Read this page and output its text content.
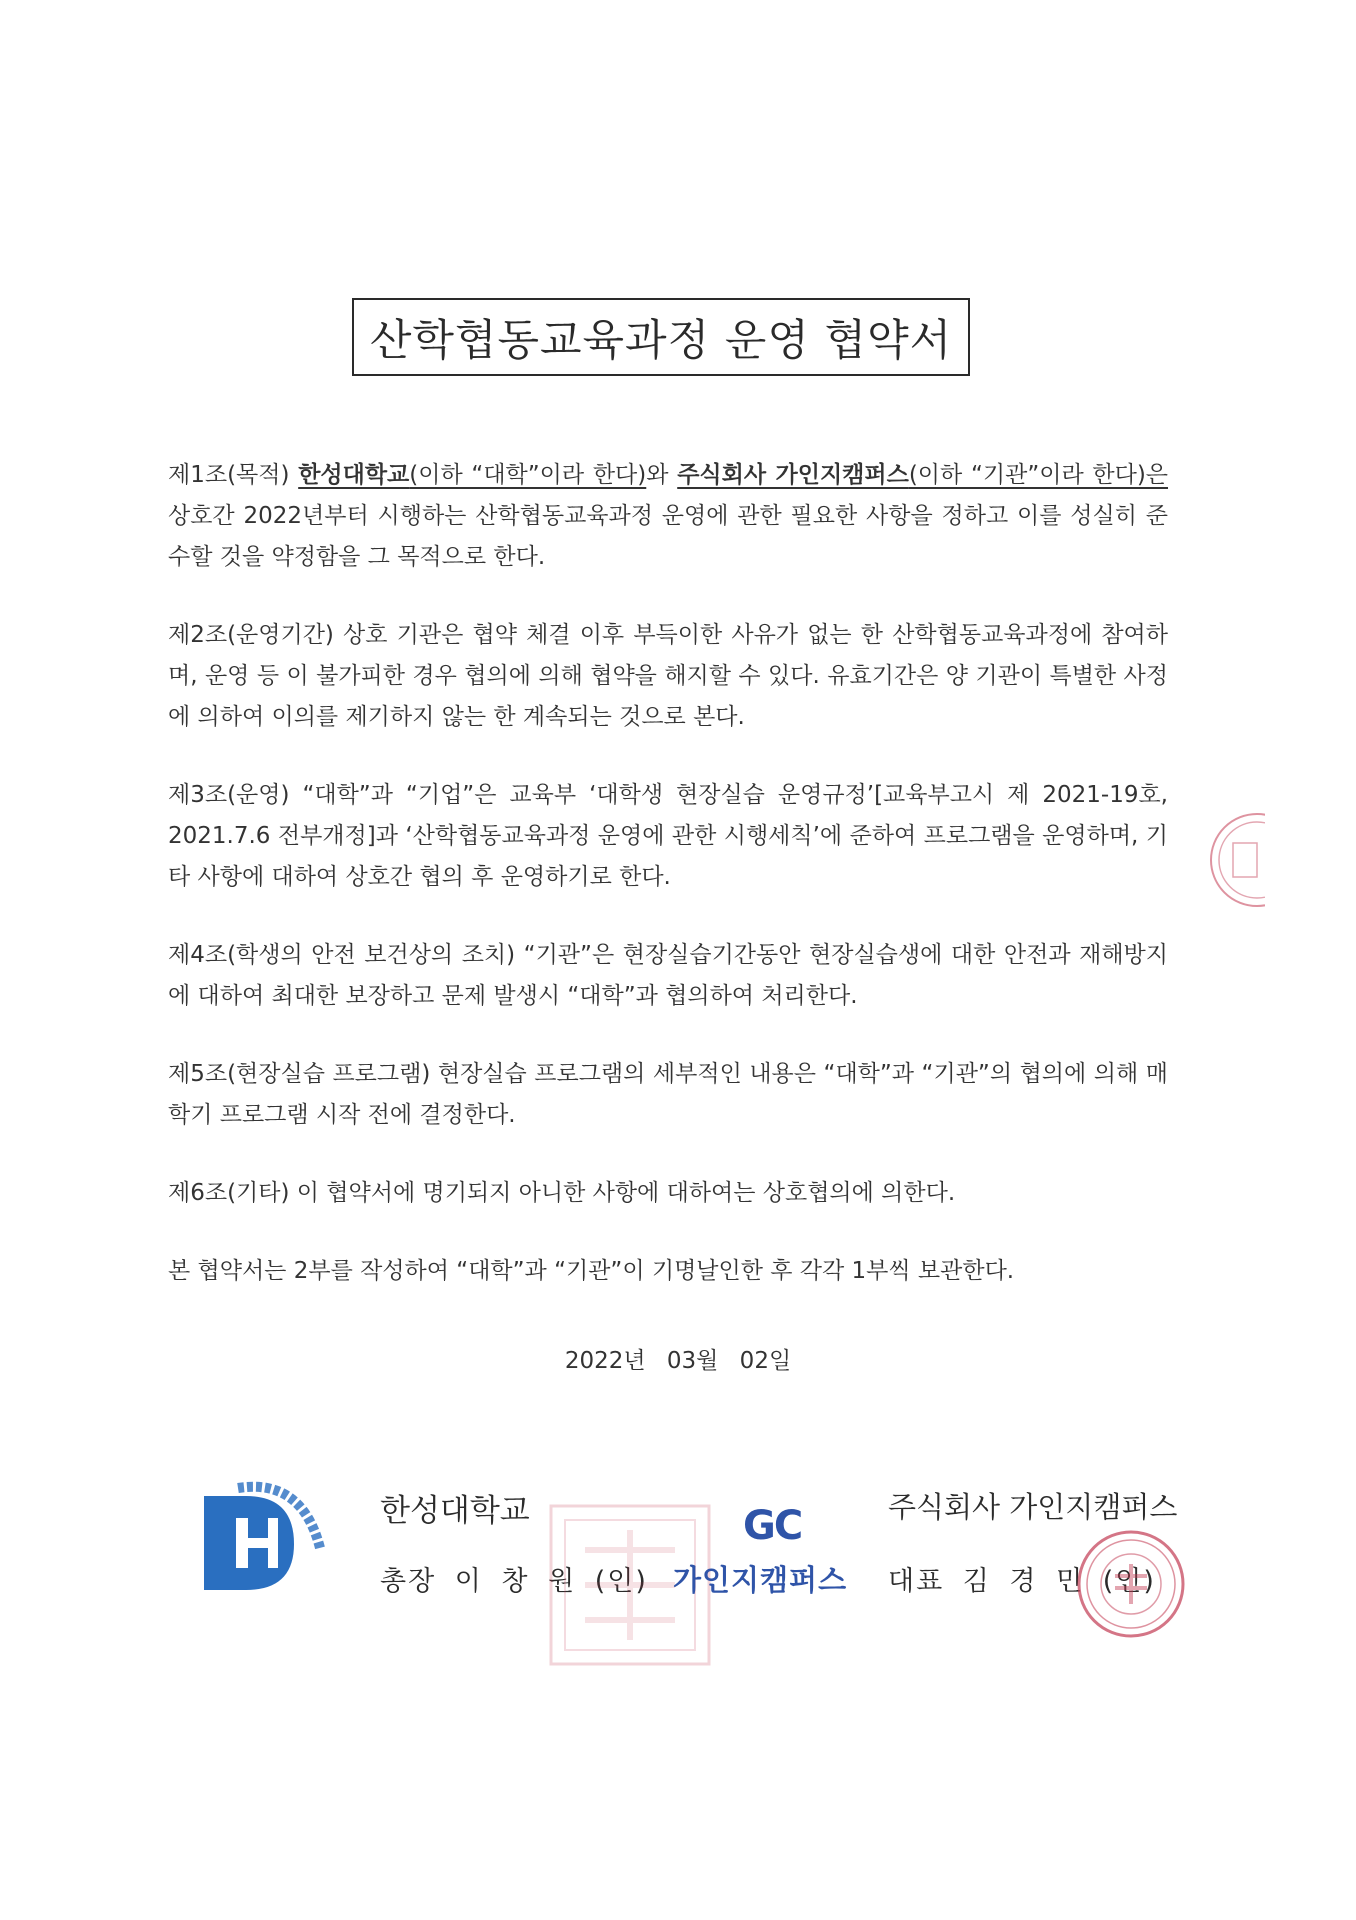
산학협동교육과정 운영 협약서

제1조(목적) 한성대학교(이하 “대학”이라 한다)와 주식회사 가인지캠퍼스(이하 “기관”이라 한다)은 상호간 2022년부터 시행하는 산학협동교육과정 운영에 관한 필요한 사항을 정하고 이를 성실히 준수할 것을 약정함을 그 목적으로 한다.

제2조(운영기간) 상호 기관은 협약 체결 이후 부득이한 사유가 없는 한 산학협동교육과정에 참여하며, 운영 등 이 불가피한 경우 협의에 의해 협약을 해지할 수 있다. 유효기간은 양 기관이 특별한 사정에 의하여 이의를 제기하지 않는 한 계속되는 것으로 본다.

제3조(운영) “대학”과 “기업”은 교육부 ‘대학생 현장실습 운영규정’[교육부고시 제 2021-19호, 2021.7.6 전부개정]과 ‘산학협동교육과정 운영에 관한 시행세칙’에 준하여 프로그램을 운영하며, 기타 사항에 대하여 상호간 협의 후 운영하기로 한다.

제4조(학생의 안전 보건상의 조치) “기관”은 현장실습기간동안 현장실습생에 대한 안전과 재해방지에 대하여 최대한 보장하고 문제 발생시 “대학”과 협의하여 처리한다.

제5조(현장실습 프로그램) 현장실습 프로그램의 세부적인 내용은 “대학”과 “기관”의 협의에 의해 매학기 프로그램 시작 전에 결정한다.

제6조(기타) 이 협약서에 명기되지 아니한 사항에 대하여는 상호협의에 의한다.

본 협약서는 2부를 작성하여 “대학”과 “기관”이 기명날인한 후 각각 1부씩 보관한다.

2022년 03월 02일
한성대학교
총장 이 창 원 (인)
GC
가인지캠퍼스
주식회사 가인지캠퍼스
대표 김 경 민 (인)
